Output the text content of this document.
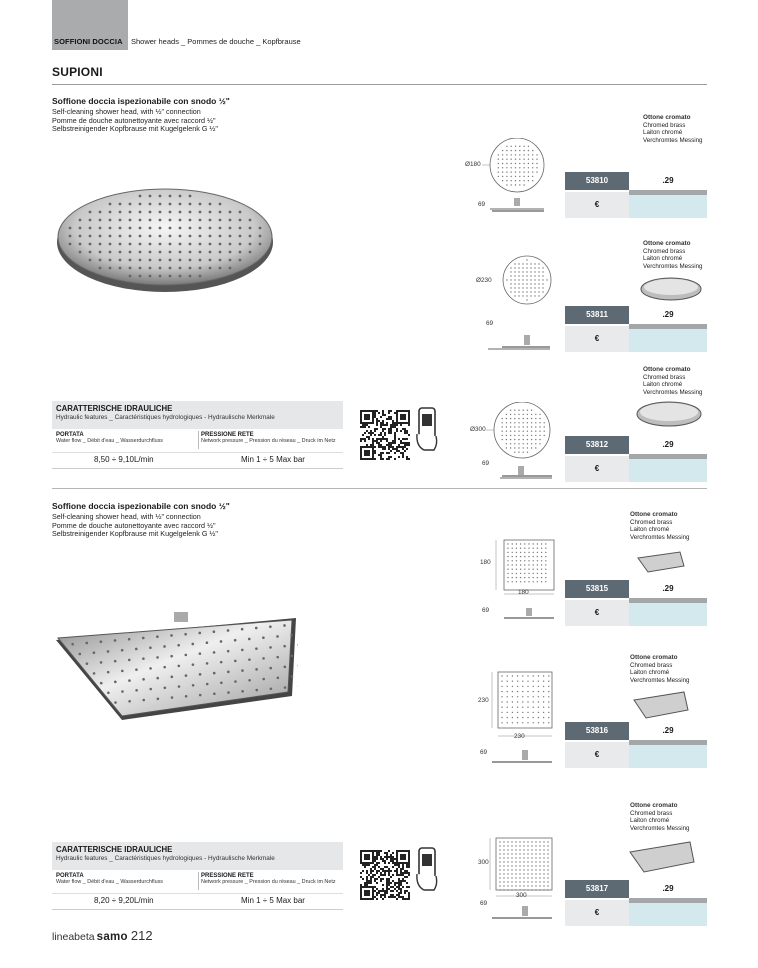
SOFFIONI DOCCIA Shower heads _ Pommes de douche _ Kopfbrause
SUPIONI
Soffione doccia ispezionabile con snodo ½"
Self-cleaning shower head, with ½" connection
Pomme de douche autonettoyante avec raccord ½"
Selbstreinigender Kopfbrause mit Kugelgelenk G ½"
CARATTERISCHE IDRAULICHE
Hydraulic features _ Caractéristiques hydrologiques - Hydraulische Merkmale
PORTATA
Water flow _ Débit d'eau _ Wasserdurchfluss
PRESSIONE RETE
Network pressure _ Pression du réseau _ Druck im Netz
8,50 ÷ 9,10L/min	Min 1 ÷ 5 Max bar
Ø180
69
Ottone cromato
Chromed brass
Laiton chromé
Verchromtes Messing
53810
€
.29
Ø230
69
Ottone cromato
Chromed brass
Laiton chromé
Verchromtes Messing
53811
€
.29
Ø300
69
Ottone cromato
Chromed brass
Laiton chromé
Verchromtes Messing
53812
€
.29
Soffione doccia ispezionabile con snodo ½"
Self-cleaning shower head, with ½" connection
Pomme de douche autonettoyante avec raccord ½"
Selbstreinigender Kopfbrause mit Kugelgelenk G ½"
CARATTERISCHE IDRAULICHE
Hydraulic features _ Caractéristiques hydrologiques - Hydraulische Merkmale
PORTATA
Water flow _ Débit d'eau _ Wasserdurchfluss
PRESSIONE RETE
Network pressure _ Pression du réseau _ Druck im Netz
8,20 ÷ 9,20L/min	Min 1 ÷ 5 Max bar
180
180
69
Ottone cromato
Chromed brass
Laiton chromé
Verchromtes Messing
53815
€
.29
230
230
69
Ottone cromato
Chromed brass
Laiton chromé
Verchromtes Messing
53816
€
.29
300
300
69
Ottone cromato
Chromed brass
Laiton chromé
Verchromtes Messing
53817
€
.29
lineabeta samo 212
